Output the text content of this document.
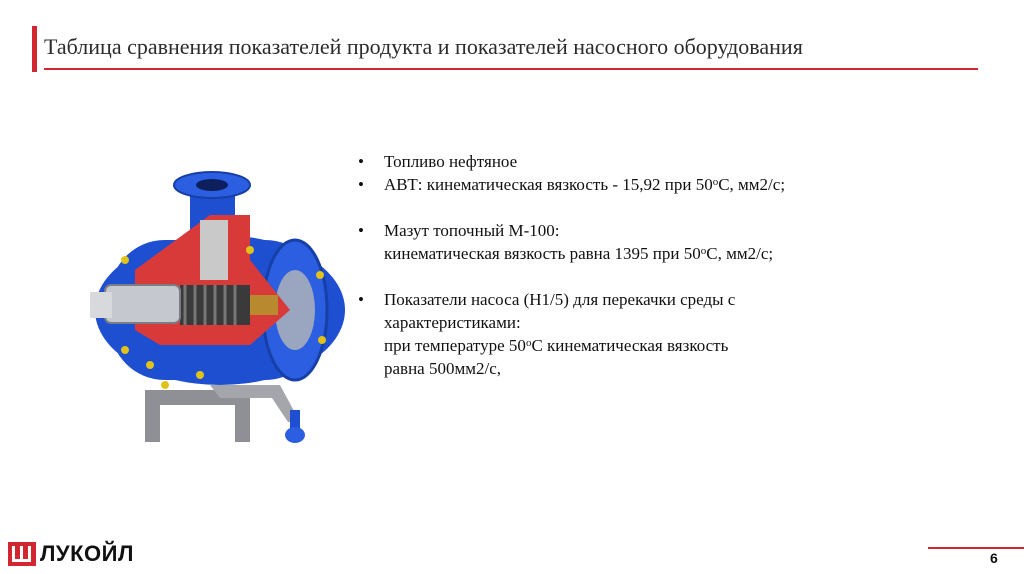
Таблица сравнения показателей продукта и показателей насосного оборудования
• Топливо нефтяное
• АВТ: кинематическая вязкость - 15,92 при $50^оС$, мм2/с;
• Мазут топочный М-100:
кинематическая вязкость равна 1395 при $50^оС$, мм2/с;
• Показатели насоса (Н1/5) для перекачки среды с
характеристиками:
при температуре $50^оС$ кинематическая вязкость
равна 500мм2/с,
ЛУКОЙЛ	6
